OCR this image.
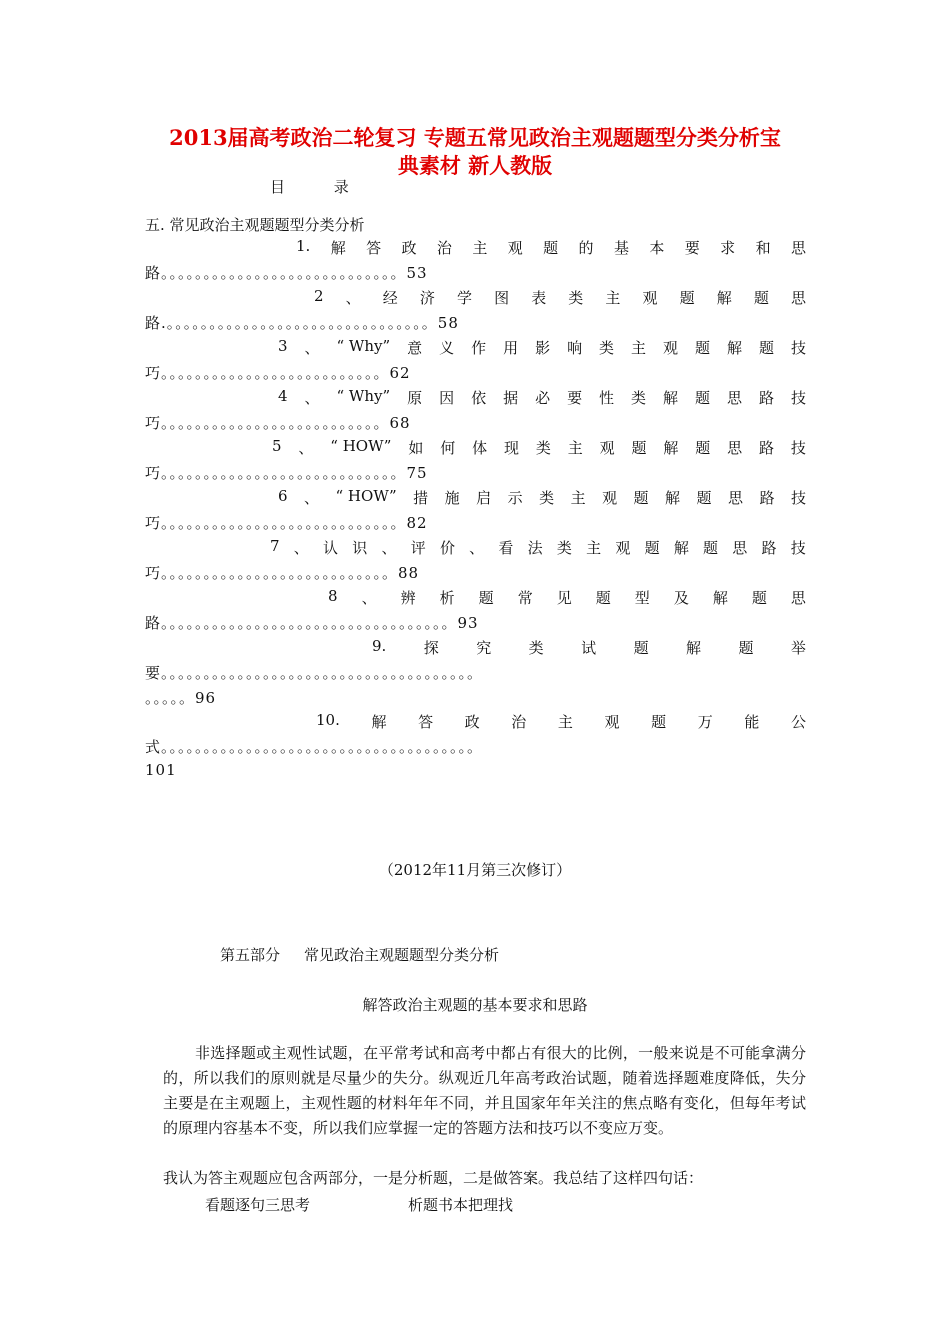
2013届高考政治二轮复习 专题五常见政治主观题题型分类分析宝
典素材 新人教版
目 录
五. 常见政治主观题题型分类分析
1. 解 答 政 治 主 观 题 的 基 本 要 求 和 思
路。。。。。。。。。。。。。。。。。。。。。。。。。。。。53
2 、 经 济 学 图 表 类 主 观 题 解 题 思
路.。。。。。。。。。。。。。。。。。。。。。。。。。。。。。。。58
3 、 “ Why” 意 义 作 用 影 响 类 主 观 题 解 题 技
巧。。。。。。。。。。。。。。。。。。。。。。。。。。62
4 、 “ Why” 原 因 依 据 必 要 性 类 解 题 思 路 技
巧。。。。。。。。。。。。。。。。。。。。。。。。。。68
5 、 “ HOW” 如 何 体 现 类 主 观 题 解 题 思 路 技
巧。。。。。。。。。。。。。。。。。。。。。。。。。。。。75
6 、 “ HOW” 措 施 启 示 类 主 观 题 解 题 思 路 技
巧。。。。。。。。。。。。。。。。。。。。。。。。。。。。82
7 、 认 识 、 评 价 、 看 法 类 主 观 题 解 题 思 路 技
巧。。。。。。。。。。。。。。。。。。。。。。。。。。。88
8 、 辨 析 题 常 见 题 型 及 解 题 思
路。。。。。。。。。。。。。。。。。。。。。。。。。。。。。。。。。。93
9. 探 究 类 试 题 解 题 举
要。。。。。。。。。。。。。。。。。。。。。。。。。。。。。。。。。。。。。
。。。。。96
10. 解 答 政 治 主 观 题 万 能 公
式。。。。。。。。。。。。。。。。。。。。。。。。。。。。。。。。。。。。。
101
（2012年11月第三次修订）
第五部分 常见政治主观题题型分类分析
解答政治主观题的基本要求和思路
非选择题或主观性试题，在平常考试和高考中都占有很大的比例，一般来说是不可能拿满分的，所以我们的原则就是尽量少的失分。纵观近几年高考政治试题，随着选择题难度降低，失分主要是在主观题上，主观性题的材料年年不同，并且国家年年关注的焦点略有变化，但每年考试的原理内容基本不变，所以我们应掌握一定的答题方法和技巧以不变应万变。
我认为答主观题应包含两部分，一是分析题，二是做答案。我总结了这样四句话：
看题逐句三思考	析题书本把理找
